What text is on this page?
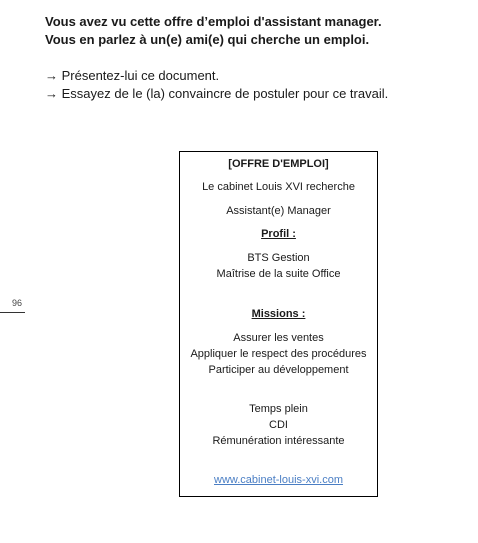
Vous avez vu cette offre d’emploi d'assistant manager.
Vous en parlez à un(e) ami(e) qui cherche un emploi.
→ Présentez-lui ce document.
→ Essayez de le (la) convaincre de postuler pour ce travail.
96
[OFFRE D'EMPLOI]
Le cabinet Louis XVI recherche
Assistant(e) Manager
Profil :
BTS Gestion
Maîtrise de la suite Office
Missions :
Assurer les ventes
Appliquer le respect des procédures
Participer au développement
Temps plein
CDI
Rémunération intéressante
www.cabinet-louis-xvi.com
